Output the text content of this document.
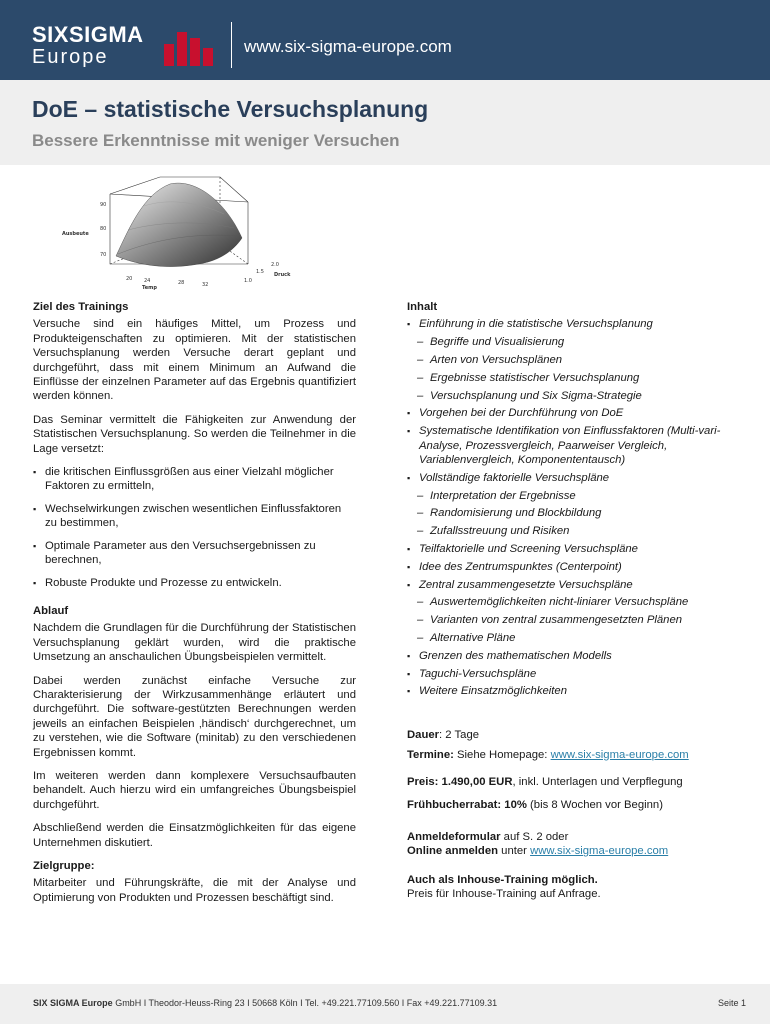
SIXSIGMA
Europe	www.six-sigma-europe.com
DoE – statistische Versuchsplanung
Bessere Erkenntnisse mit weniger Versuchen
90
80
70
Ausbeute
20 24	28	32
Temp
1.0
1.5
2.0
Druck
Ziel des Trainings

Versuche sind ein häufiges Mittel, um Prozess und Produkteigenschaften zu optimieren. Mit der statistischen Versuchsplanung werden Versuche derart geplant und durchgeführt, dass mit einem Minimum an Aufwand die Einflüsse der einzelnen Parameter auf das Ergebnis quantifiziert werden können.

Das Seminar vermittelt die Fähigkeiten zur Anwendung der Statistischen Versuchsplanung. So werden die Teilnehmer in die Lage versetzt:

▪ die kritischen Einflussgrößen aus einer Vielzahl möglicher Faktoren zu ermitteln,
▪ Wechselwirkungen zwischen wesentlichen Einflussfaktoren zu bestimmen,
▪ Optimale Parameter aus den Versuchsergebnissen zu berechnen,
▪ Robuste Produkte und Prozesse zu entwickeln.
Ablauf

Nachdem die Grundlagen für die Durchführung der Statistischen Versuchsplanung geklärt wurden, wird die praktische Umsetzung an anschaulichen Übungsbeispielen vermittelt.

Dabei werden zunächst einfache Versuche zur Charakterisierung der Wirkzusammenhänge erläutert und durchgeführt. Die software-gestützten Berechnungen werden jeweils an einfachen Beispielen ‚händisch‘ durchgerechnet, um zu verstehen, wie die Software (minitab) zu den verschiedenen Ergebnissen kommt.

Im weiteren werden dann komplexere Versuchsaufbauten behandelt. Auch hierzu wird ein umfangreiches Übungsbeispiel durchgeführt.

Abschließend werden die Einsatzmöglichkeiten für das eigene Unternehmen diskutiert.

Zielgruppe:

Mitarbeiter und Führungskräfte, die mit der Analyse und Optimierung von Produkten und Prozessen beschäftigt sind.

Inhalt
▪ Einführung in die statistische Versuchsplanung
– Begriffe und Visualisierung
– Arten von Versuchsplänen
– Ergebnisse statistischer Versuchsplanung
– Versuchsplanung und Six Sigma-Strategie
▪ Vorgehen bei der Durchführung von DoE
▪ Systematische Identifikation von Einflussfaktoren (Multi-vari-Analyse, Prozessvergleich, Paarweiser Vergleich, Variablenvergleich, Komponententausch)
▪ Vollständige faktorielle Versuchspläne
– Interpretation der Ergebnisse
– Randomisierung und Blockbildung
– Zufallsstreuung und Risiken
▪ Teilfaktorielle und Screening Versuchspläne
▪ Idee des Zentrumspunktes (Centerpoint)
▪ Zentral zusammengesetzte Versuchspläne
– Auswertemöglichkeiten nicht-liniarer Versuchspläne
– Varianten von zentral zusammengesetzten Plänen
– Alternative Pläne
▪ Grenzen des mathematischen Modells
▪ Taguchi-Versuchspläne
▪ Weitere Einsatzmöglichkeiten

Dauer: 2 Tage

Termine: Siehe Homepage: www.six-sigma-europe.com

Preis: 1.490,00 EUR, inkl. Unterlagen und Verpflegung

Frühbucherrabat: 10% (bis 8 Wochen vor Beginn)

Anmeldeformular auf S. 2 oder

Online anmelden unter www.six-sigma-europe.com

Auch als Inhouse-Training möglich.

Preis für Inhouse-Training auf Anfrage.

SIX SIGMA Europe GmbH I Theodor-Heuss-Ring 23 I 50668 Köln I Tel. +49.221.77109.560 I Fax +49.221.77109.31	Seite 1
